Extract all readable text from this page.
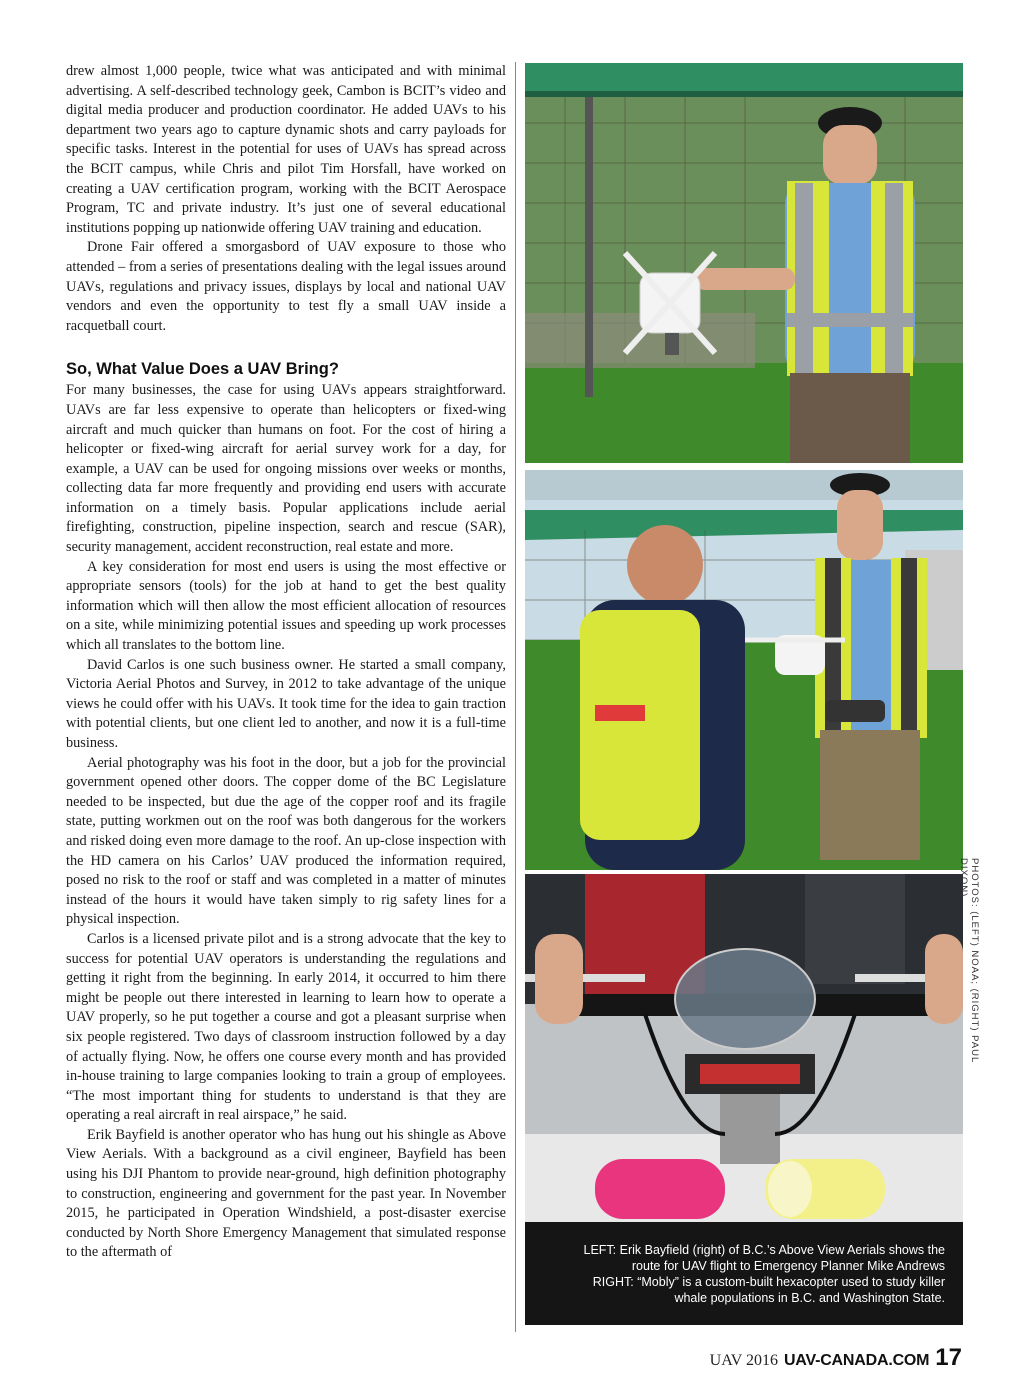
drew almost 1,000 people, twice what was anticipated and with minimal advertising. A self-described technology geek, Cambon is BCIT’s video and digital media producer and production coordinator. He added UAVs to his department two years ago to capture dynamic shots and carry payloads for specific tasks. Interest in the potential for uses of UAVs has spread across the BCIT campus, while Chris and pilot Tim Horsfall, have worked on creating a UAV certification program, working with the BCIT Aerospace Program, TC and private industry. It’s just one of several educational institutions popping up nationwide offering UAV training and education.

Drone Fair offered a smorgasbord of UAV exposure to those who attended – from a series of presentations dealing with the legal issues around UAVs, regulations and privacy issues, displays by local and national UAV vendors and even the opportunity to test fly a small UAV inside a racquetball court.

So, What Value Does a UAV Bring?

For many businesses, the case for using UAVs appears straightforward. UAVs are far less expensive to operate than helicopters or fixed-wing aircraft and much quicker than humans on foot. For the cost of hiring a helicopter or fixed-wing aircraft for aerial survey work for a day, for example, a UAV can be used for ongoing missions over weeks or months, collecting data far more frequently and providing end users with accurate information on a timely basis. Popular applications include aerial firefighting, construction, pipeline inspection, search and rescue (SAR), security management, accident reconstruction, real estate and more.

A key consideration for most end users is using the most effective or appropriate sensors (tools) for the job at hand to get the best quality information which will then allow the most efficient allocation of resources on a site, while minimizing potential issues and speeding up work processes which all translates to the bottom line.

David Carlos is one such business owner. He started a small company, Victoria Aerial Photos and Survey, in 2012 to take advantage of the unique views he could offer with his UAVs. It took time for the idea to gain traction with potential clients, but one client led to another, and now it is a full-time business.

Aerial photography was his foot in the door, but a job for the provincial government opened other doors. The copper dome of the BC Legislature needed to be inspected, but due the age of the copper roof and its fragile state, putting workmen out on the roof was both dangerous for the workers and risked doing even more damage to the roof. An up-close inspection with the HD camera on his Carlos’ UAV produced the information required, posed no risk to the roof or staff and was completed in a matter of minutes instead of the hours it would have taken simply to rig safety lines for a physical inspection.

Carlos is a licensed private pilot and is a strong advocate that the key to success for potential UAV operators is understanding the regulations and getting it right from the beginning. In early 2014, it occurred to him there might be people out there interested in learning to learn how to operate a UAV properly, so he put together a course and got a pleasant surprise when six people registered. Two days of classroom instruction followed by a day of actually flying. Now, he offers one course every month and has provided in-house training to large companies looking to train a group of employees. “The most important thing for students to understand is that they are operating a real aircraft in real airspace,” he said.

Erik Bayfield is another operator who has hung out his shingle as Above View Aerials. With a background as a civil engineer, Bayfield has been using his DJI Phantom to provide near-ground, high definition photography to construction, engineering and government for the past year. In November 2015, he participated in Operation Windshield, a post-disaster exercise conducted by North Shore Emergency Management that simulated response to the aftermath of	LEFT: Erik Bayfield (right) of B.C.’s Above View Aerials shows the
route for UAV flight to Emergency Planner Mike Andrews
RIGHT: “Mobly” is a custom-built hexacopter used to study killer
whale populations in B.C. and Washington State.
PHOTOS: (LEFT) NOAA; (RIGHT) PAUL DIXON).
UAV 2016 UAV-CANADA.COM 17
